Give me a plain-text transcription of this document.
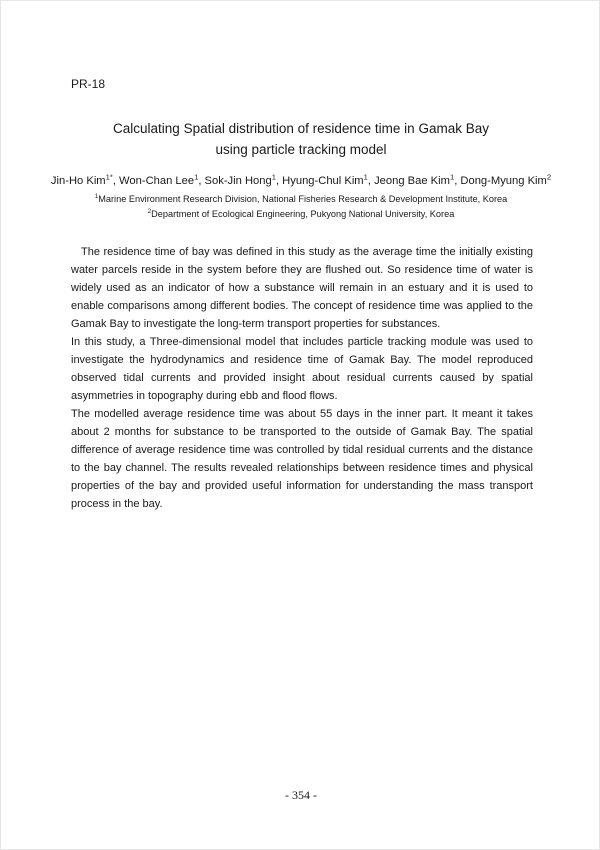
PR-18
Calculating Spatial distribution of residence time in Gamak Bay
using particle tracking model
Jin-Ho Kim$^{1*}$, Won-Chan Lee$^1$, Sok-Jin Hong$^1$, Hyung-Chul Kim$^1$, Jeong Bae Kim$^1$, Dong-Myung Kim$^2$
$^1$Marine Environment Research Division, National Fisheries Research & Development Institute, Korea
$^2$Department of Ecological Engineering, Pukyong National University, Korea

The residence time of bay was defined in this study as the average time the initially existing water parcels reside in the system before they are flushed out. So residence time of water is widely used as an indicator of how a substance will remain in an estuary and it is used to enable comparisons among different bodies. The concept of residence time was applied to the Gamak Bay to investigate the long-term transport properties for substances.

In this study, a Three-dimensional model that includes particle tracking module was used to investigate the hydrodynamics and residence time of Gamak Bay. The model reproduced observed tidal currents and provided insight about residual currents caused by spatial asymmetries in topography during ebb and flood flows.

The modelled average residence time was about 55 days in the inner part. It meant it takes about 2 months for substance to be transported to the outside of Gamak Bay. The spatial difference of average residence time was controlled by tidal residual currents and the distance to the bay channel. The results revealed relationships between residence times and physical properties of the bay and provided useful information for understanding the mass transport process in the bay.

- 354 -
